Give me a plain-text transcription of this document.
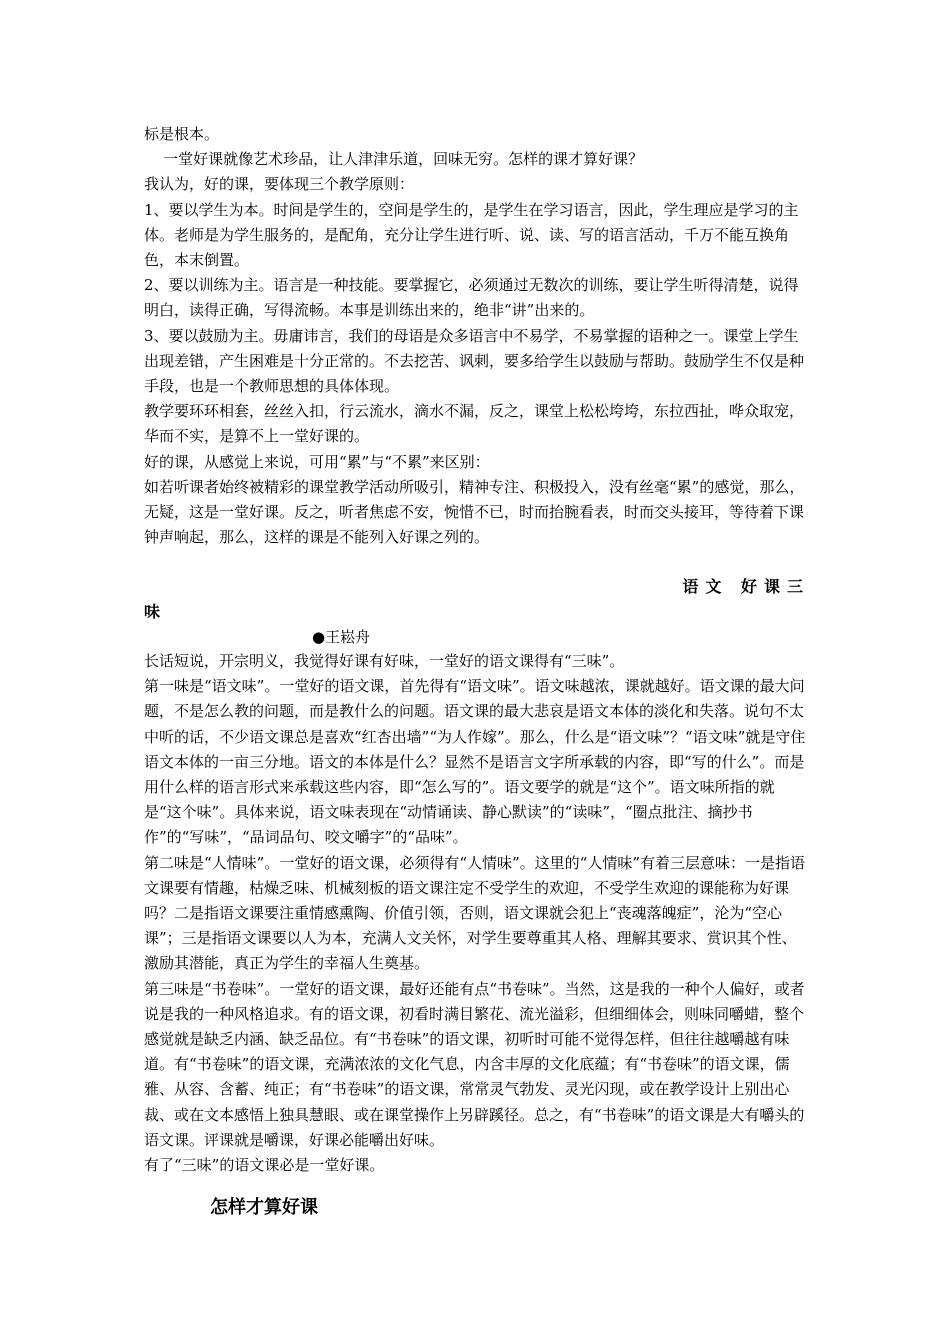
标是根本。

一堂好课就像艺术珍品，让人津津乐道，回味无穷。怎样的课才算好课？

我认为，好的课，要体现三个教学原则：

1、要以学生为本。时间是学生的，空间是学生的，是学生在学习语言，因此，学生理应是学习的主体。老师是为学生服务的，是配角，充分让学生进行听、说、读、写的语言活动，千万不能互换角色，本末倒置。

2、要以训练为主。语言是一种技能。要掌握它，必须通过无数次的训练，要让学生听得清楚，说得明白，读得正确，写得流畅。本事是训练出来的，绝非“讲”出来的。

3、要以鼓励为主。毋庸讳言，我们的母语是众多语言中不易学，不易掌握的语种之一。课堂上学生出现差错，产生困难是十分正常的。不去挖苦、讽刺，要多给学生以鼓励与帮助。鼓励学生不仅是种手段，也是一个教师思想的具体体现。

教学要环环相套，丝丝入扣，行云流水，滴水不漏，反之，课堂上松松垮垮，东拉西扯，哗众取宠，华而不实，是算不上一堂好课的。

好的课，从感觉上来说，可用“累”与“不累”来区别：

如若听课者始终被精彩的课堂教学活动所吸引，精神专注、积极投入，没有丝毫“累”的感觉，那么，无疑，这是一堂好课。反之，听者焦虑不安，惋惜不已，时而抬腕看表，时而交头接耳，等待着下课钟声响起，那么，这样的课是不能列入好课之列的。

语文 好课三
味
●王崧舟

长话短说，开宗明义，我觉得好课有好味，一堂好的语文课得有“三味”。

第一味是“语文味”。一堂好的语文课，首先得有“语文味”。语文味越浓，课就越好。语文课的最大问题，不是怎么教的问题，而是教什么的问题。语文课的最大悲哀是语文本体的淡化和失落。说句不太中听的话，不少语文课总是喜欢“红杏出墙”“为人作嫁”。那么，什么是“语文味”？“语文味”就是守住语文本体的一亩三分地。语文的本体是什么？显然不是语言文字所承载的内容，即“写的什么”。而是用什么样的语言形式来承载这些内容，即“怎么写的”。语文要学的就是“这个”。语文味所指的就是“这个味”。具体来说，语文味表现在“动情诵读、静心默读”的“读味”，“圈点批注、摘抄书作”的“写味”，“品词品句、咬文嚼字”的“品味”。

第二味是“人情味”。一堂好的语文课，必须得有“人情味”。这里的“人情味”有着三层意味：一是指语文课要有情趣，枯燥乏味、机械刻板的语文课注定不受学生的欢迎，不受学生欢迎的课能称为好课吗？二是指语文课要注重情感熏陶、价值引领，否则，语文课就会犯上“丧魂落魄症”，沦为“空心课”；三是指语文课要以人为本，充满人文关怀，对学生要尊重其人格、理解其要求、赏识其个性、激励其潜能，真正为学生的幸福人生奠基。

第三味是“书卷味”。一堂好的语文课，最好还能有点“书卷味”。当然，这是我的一种个人偏好，或者说是我的一种风格追求。有的语文课，初看时满目繁花、流光溢彩，但细细体会，则味同嚼蜡，整个感觉就是缺乏内涵、缺乏品位。有“书卷味”的语文课，初听时可能不觉得怎样，但往往越嚼越有味道。有“书卷味”的语文课，充满浓浓的文化气息，内含丰厚的文化底蕴；有“书卷味”的语文课，儒雅、从容、含蓄、纯正；有“书卷味”的语文课，常常灵气勃发、灵光闪现，或在教学设计上别出心裁、或在文本感悟上独具慧眼、或在课堂操作上另辟蹊径。总之，有“书卷味”的语文课是大有嚼头的语文课。评课就是嚼课，好课必能嚼出好味。

有了“三味”的语文课必是一堂好课。

怎样才算好课
